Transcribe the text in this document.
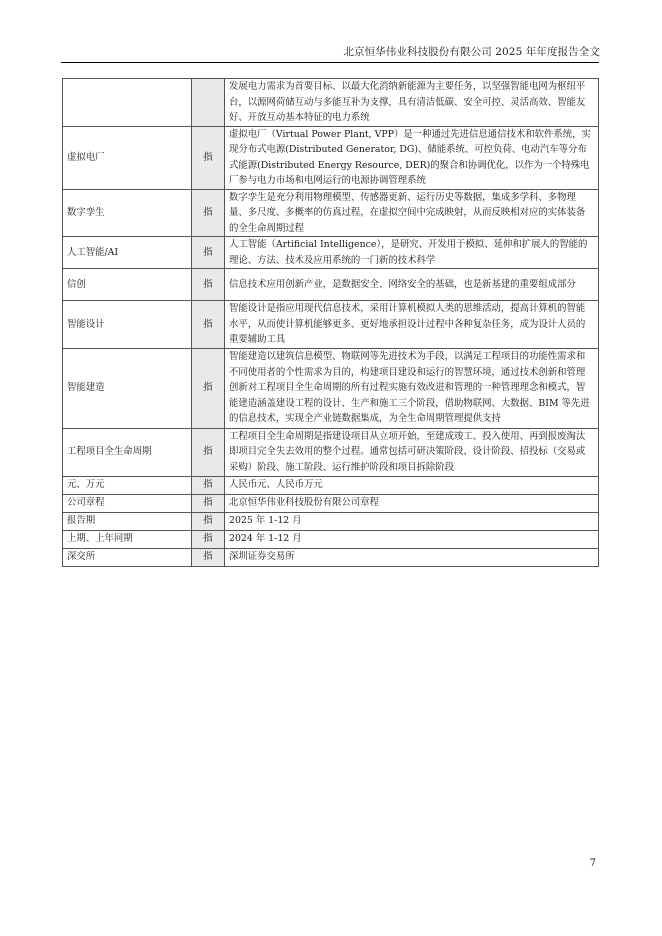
北京恒华伟业科技股份有限公司 2025 年年度报告全文
		发展电力需求为首要目标、以最大化消纳新能源为主要任务，以坚强智能电网为枢纽平台，以源网荷储互动与多能互补为支撑，具有清洁低碳、安全可控、灵活高效、智能友好、开放互动基本特征的电力系统
虚拟电厂	指	虚拟电厂（Virtual Power Plant, VPP）是一种通过先进信息通信技术和软件系统，实现分布式电源(Distributed Generator, DG)、储能系统、可控负荷、电动汽车等分布式能源(Distributed Energy Resource, DER)的聚合和协调优化，以作为一个特殊电厂参与电力市场和电网运行的电源协调管理系统
数字孪生	指	数字孪生是充分利用物理模型、传感器更新、运行历史等数据，集成多学科、多物理量、多尺度、多概率的仿真过程，在虚拟空间中完成映射，从而反映相对应的实体装备的全生命周期过程
人工智能/AI	指	人工智能（Artificial Intelligence），是研究、开发用于模拟、延伸和扩展人的智能的理论、方法、技术及应用系统的一门新的技术科学
信创	指	信息技术应用创新产业，是数据安全、网络安全的基础，也是新基建的重要组成部分
智能设计	指	智能设计是指应用现代信息技术，采用计算机模拟人类的思维活动，提高计算机的智能水平，从而使计算机能够更多、更好地承担设计过程中各种复杂任务，成为设计人员的重要辅助工具
智能建造	指	智能建造以建筑信息模型、物联网等先进技术为手段，以满足工程项目的功能性需求和不同使用者的个性需求为目的，构建项目建设和运行的智慧环境，通过技术创新和管理创新对工程项目全生命周期的所有过程实施有效改进和管理的一种管理理念和模式，智能建造涵盖建设工程的设计、生产和施工三个阶段，借助物联网、大数据、BIM 等先进的信息技术，实现全产业链数据集成，为全生命周期管理提供支持
工程项目全生命周期	指	工程项目全生命周期是指建设项目从立项开始，至建成竣工、投入使用、再到报废淘汰即项目完全失去效用的整个过程。通常包括可研决策阶段、设计阶段、招投标（交易或采购）阶段、施工阶段、运行维护阶段和项目拆除阶段
元、万元	指	人民币元、人民币万元
公司章程	指	北京恒华伟业科技股份有限公司章程
报告期	指	2025 年 1-12 月
上期、上年同期	指	2024 年 1-12 月
深交所	指	深圳证券交易所
7
